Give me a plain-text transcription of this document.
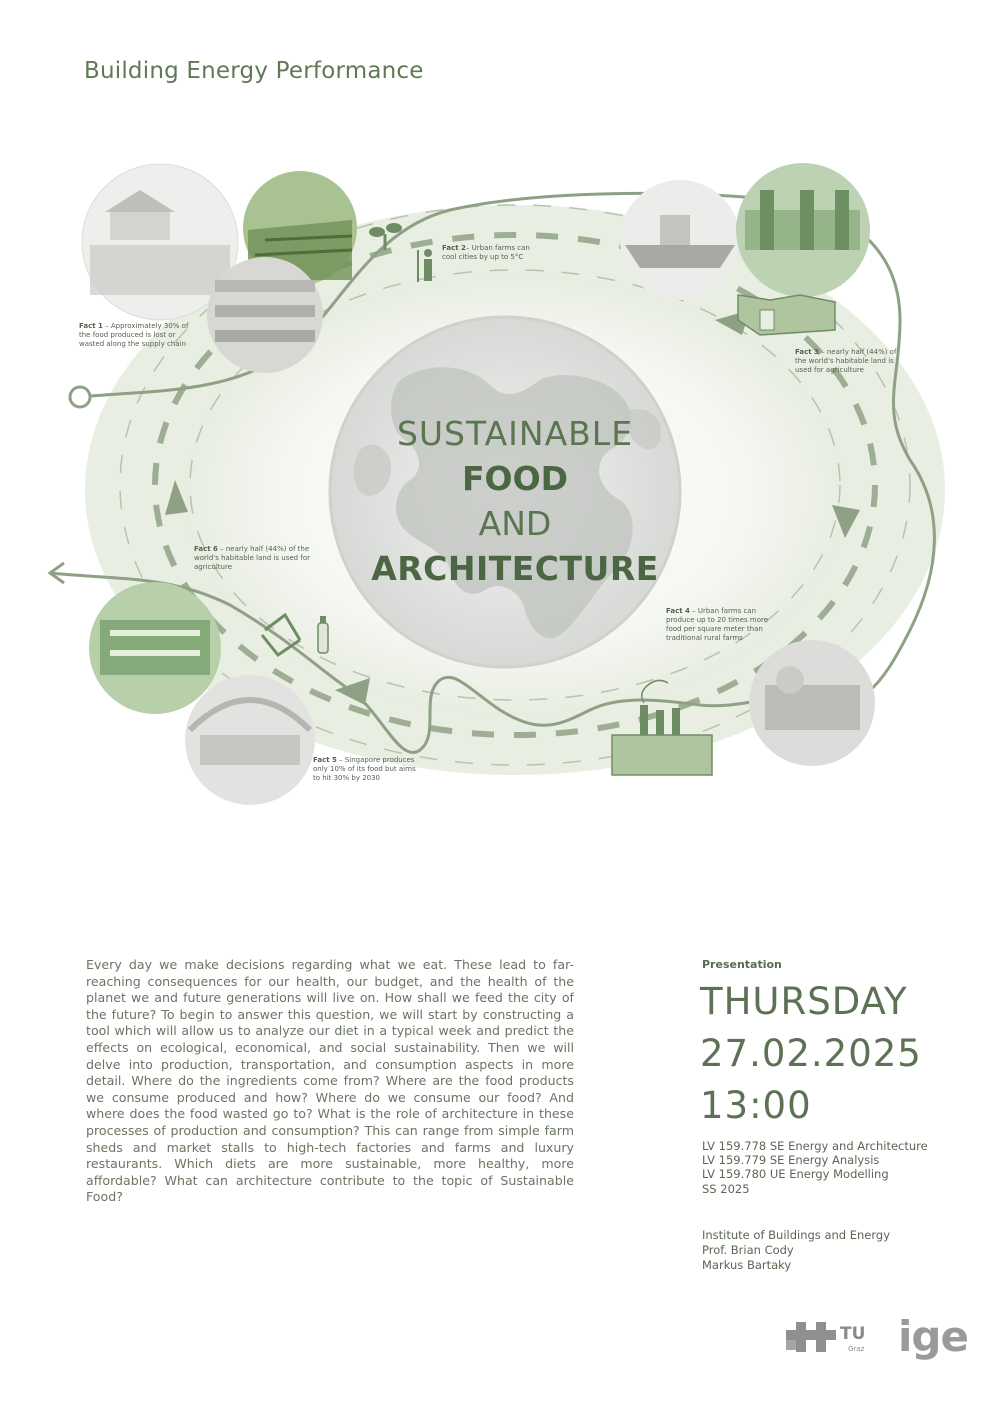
Building Energy Performance
Fact 1 – Approximately 30% of the food produced is lost or wasted along the supply chain
Fact 2– Urban farms can cool cities by up to 5°C
Fact 3 – nearly half (44%) of the world's habitable land is used for agriculture
Fact 4 – Urban farms can produce up to 20 times more food per square meter than traditional rural farms
Fact 5 – Singapore produces only 10% of its food but aims to hit 30% by 2030
Fact 6 – nearly half (44%) of the world's habitable land is used for agriculture
SUSTAINABLE
FOOD
AND
ARCHITECTURE
Every day we make decisions regarding what we eat. These lead to far-reaching consequences for our health, our budget, and the health of the planet we and future generations will live on. How shall we feed the city of the future? To begin to answer this question, we will start by constructing a tool which will allow us to analyze our diet in a typical week and predict the effects on ecological, economical, and social sustainability. Then we will delve into production, transportation, and consumption aspects in more detail. Where do the ingredients come from? Where are the food products we consume produced and how? Where do we consume our food? And where does the food wasted go to? What is the role of architecture in these processes of production and consumption? This can range from simple farm sheds and market stalls to high-tech factories and farms and luxury restaurants. Which diets are more sustainable, more healthy, more affordable? What can architecture contribute to the topic of Sustainable Food?
Presentation
THURSDAY
27.02.2025
13:00
LV 159.778 SE Energy and Architecture
LV 159.779 SE Energy Analysis
LV 159.780 UE Energy Modelling
SS 2025
Institute of Buildings and Energy
Prof. Brian Cody
Markus Bartaky
TU
Graz ige
